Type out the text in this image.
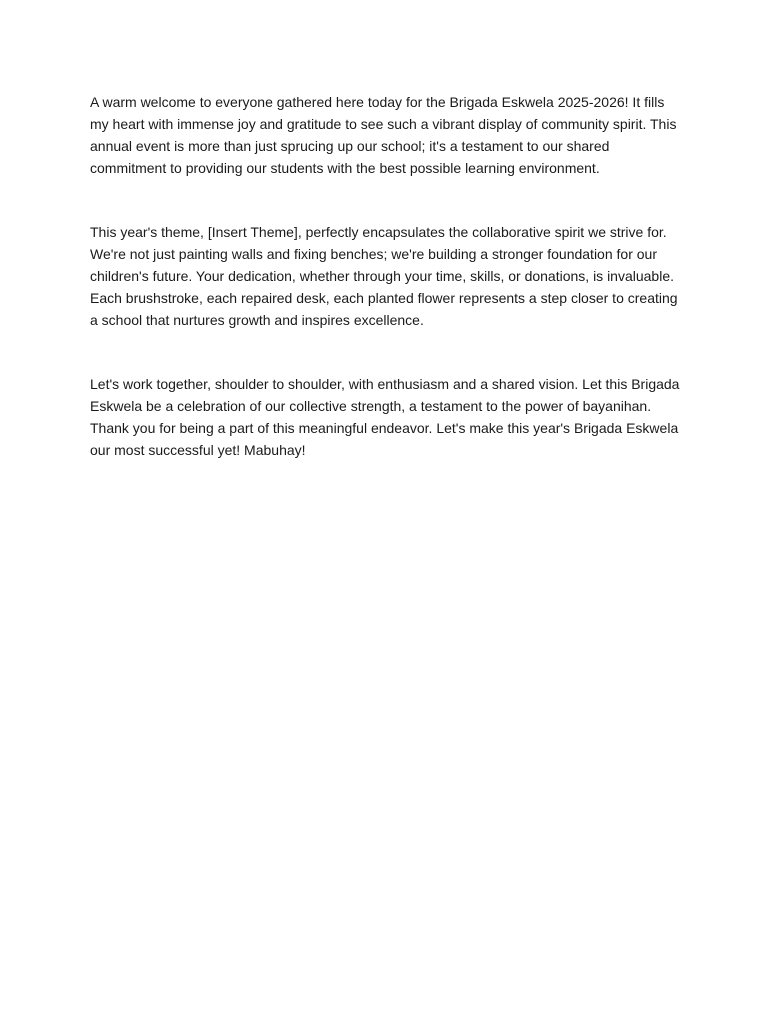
A warm welcome to everyone gathered here today for the Brigada Eskwela 2025-2026! It fills my heart with immense joy and gratitude to see such a vibrant display of community spirit. This annual event is more than just sprucing up our school; it's a testament to our shared commitment to providing our students with the best possible learning environment.

This year's theme, [Insert Theme], perfectly encapsulates the collaborative spirit we strive for. We're not just painting walls and fixing benches; we're building a stronger foundation for our children's future. Your dedication, whether through your time, skills, or donations, is invaluable. Each brushstroke, each repaired desk, each planted flower represents a step closer to creating a school that nurtures growth and inspires excellence.

Let's work together, shoulder to shoulder, with enthusiasm and a shared vision. Let this Brigada Eskwela be a celebration of our collective strength, a testament to the power of bayanihan. Thank you for being a part of this meaningful endeavor. Let's make this year's Brigada Eskwela our most successful yet! Mabuhay!
